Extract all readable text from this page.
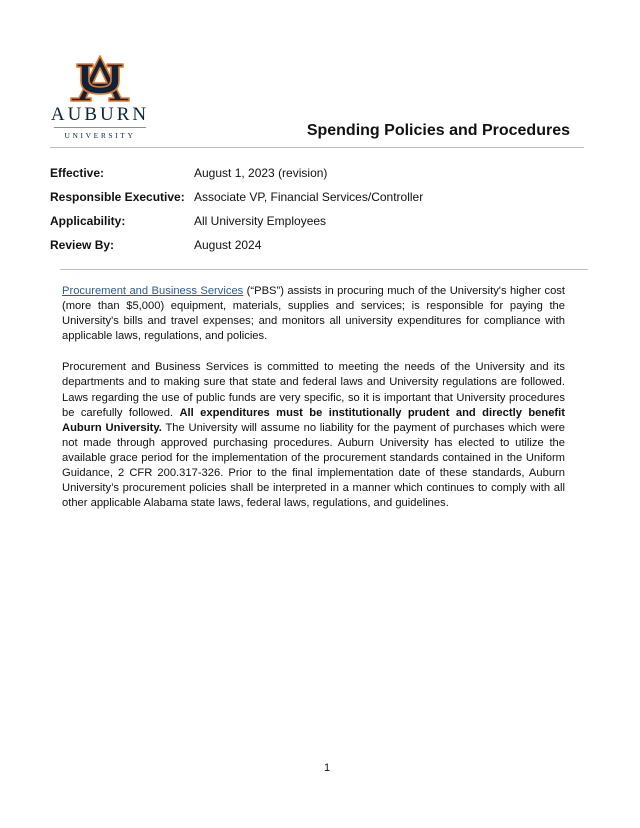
AUBURN
UNIVERSITY	Spending Policies and Procedures
Effective:	August 1, 2023 (revision)
Responsible Executive: Associate VP, Financial Services/Controller
Applicability:	All University Employees
Review By:	August 2024

Procurement and Business Services (“PBS”) assists in procuring much of the University's higher cost (more than $5,000) equipment, materials, supplies and services; is responsible for paying the University's bills and travel expenses; and monitors all university expenditures for compliance with applicable laws, regulations, and policies.

Procurement and Business Services is committed to meeting the needs of the University and its departments and to making sure that state and federal laws and University regulations are followed. Laws regarding the use of public funds are very specific, so it is important that University procedures be carefully followed. All expenditures must be institutionally prudent and directly benefit Auburn University. The University will assume no liability for the payment of purchases which were not made through approved purchasing procedures. Auburn University has elected to utilize the available grace period for the implementation of the procurement standards contained in the Uniform Guidance, 2 CFR 200.317-326. Prior to the final implementation date of these standards, Auburn University’s procurement policies shall be interpreted in a manner which continues to comply with all other applicable Alabama state laws, federal laws, regulations, and guidelines.

1
